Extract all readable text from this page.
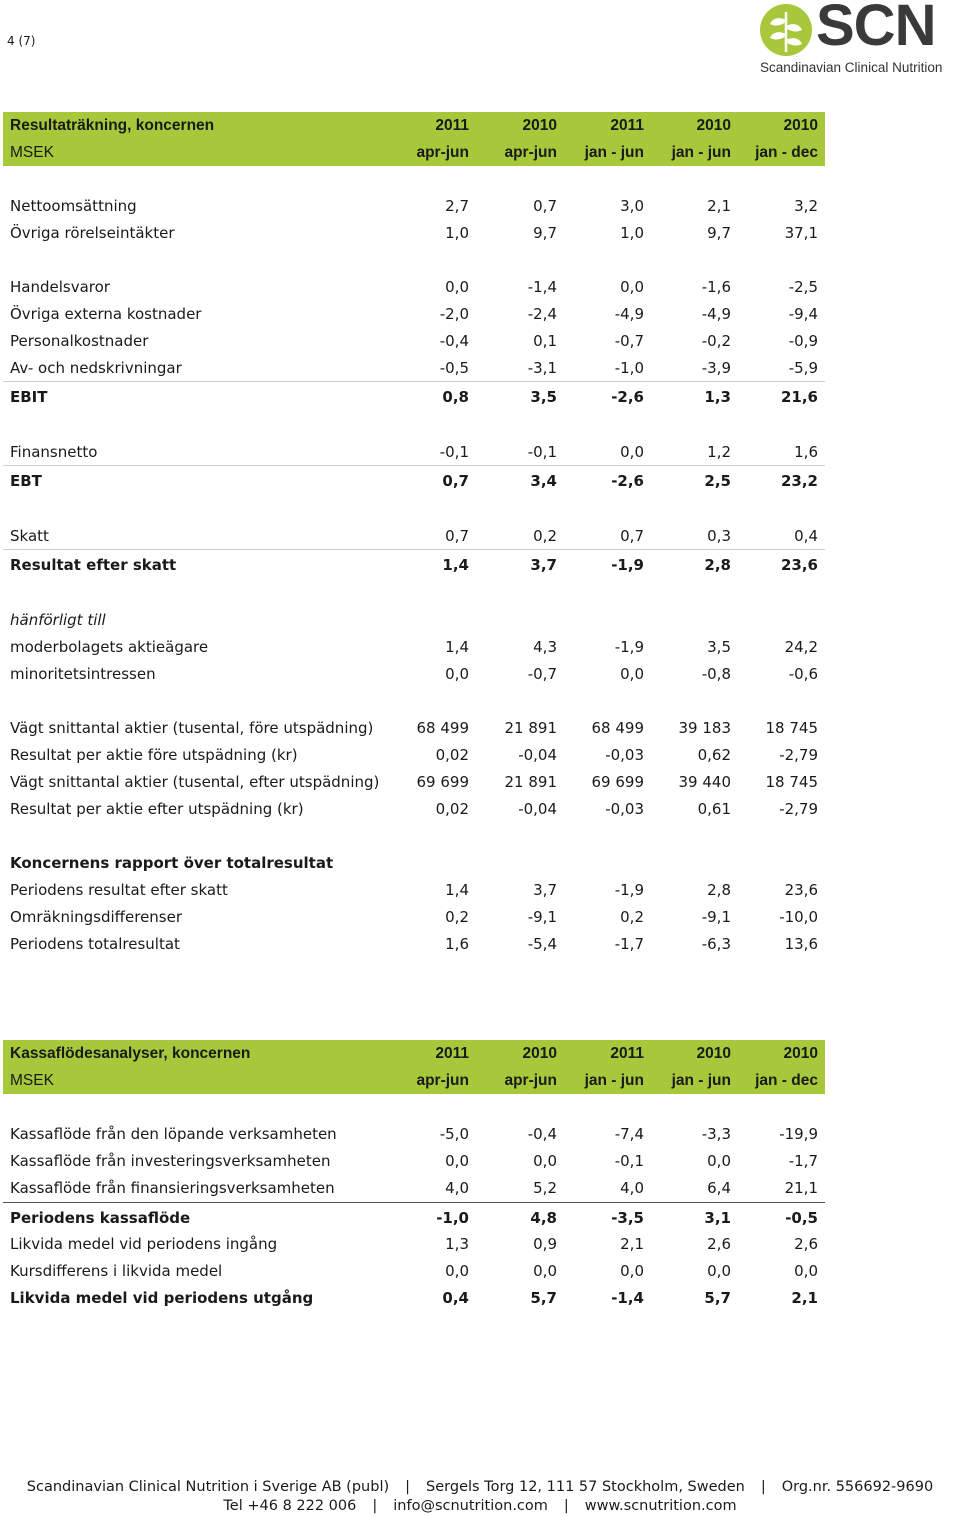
4 (7)	SCN
Scandinavian Clinical Nutrition
Resultaträkning, koncernen	2011	2010	2011	2010	2010
MSEK	apr-jun	apr-jun	jan - jun	jan - jun	jan - dec
Nettoomsättning	2,7	0,7	3,0	2,1	3,2
Övriga rörelseintäkter	1,0	9,7	1,0	9,7	37,1
Handelsvaror	0,0	-1,4	0,0	-1,6	-2,5
Övriga externa kostnader	-2,0	-2,4	-4,9	-4,9	-9,4
Personalkostnader	-0,4	0,1	-0,7	-0,2	-0,9
Av- och nedskrivningar	-0,5	-3,1	-1,0	-3,9	-5,9
EBIT	0,8	3,5	-2,6	1,3	21,6
Finansnetto	-0,1	-0,1	0,0	1,2	1,6
EBT	0,7	3,4	-2,6	2,5	23,2
Skatt	0,7	0,2	0,7	0,3	0,4
Resultat efter skatt	1,4	3,7	-1,9	2,8	23,6
hänförligt till
moderbolagets aktieägare	1,4	4,3	-1,9	3,5	24,2
minoritetsintressen	0,0	-0,7	0,0	-0,8	-0,6
Vägt snittantal aktier (tusental, före utspädning)	68 499	21 891	68 499	39 183	18 745
Resultat per aktie före utspädning (kr)	0,02	-0,04	-0,03	0,62	-2,79
Vägt snittantal aktier (tusental, efter utspädning)	69 699	21 891	69 699	39 440	18 745
Resultat per aktie efter utspädning (kr)	0,02	-0,04	-0,03	0,61	-2,79
Koncernens rapport över totalresultat
Periodens resultat efter skatt	1,4	3,7	-1,9	2,8	23,6
Omräkningsdifferenser	0,2	-9,1	0,2	-9,1	-10,0
Periodens totalresultat	1,6	-5,4	-1,7	-6,3	13,6
Kassaflödesanalyser, koncernen	2011	2010	2011	2010	2010
MSEK	apr-jun	apr-jun	jan - jun	jan - jun	jan - dec
Kassaflöde från den löpande verksamheten	-5,0	-0,4	-7,4	-3,3	-19,9
Kassaflöde från investeringsverksamheten	0,0	0,0	-0,1	0,0	-1,7
Kassaflöde från finansieringsverksamheten	4,0	5,2	4,0	6,4	21,1
Periodens kassaflöde	-1,0	4,8	-3,5	3,1	-0,5
Likvida medel vid periodens ingång	1,3	0,9	2,1	2,6	2,6
Kursdifferens i likvida medel	0,0	0,0	0,0	0,0	0,0
Likvida medel vid periodens utgång	0,4	5,7	-1,4	5,7	2,1
Scandinavian Clinical Nutrition i Sverige AB (publ) | Sergels Torg 12, 111 57 Stockholm, Sweden | Org.nr. 556692-9690
Tel +46 8 222 006 | info@scnutrition.com | www.scnutrition.com
